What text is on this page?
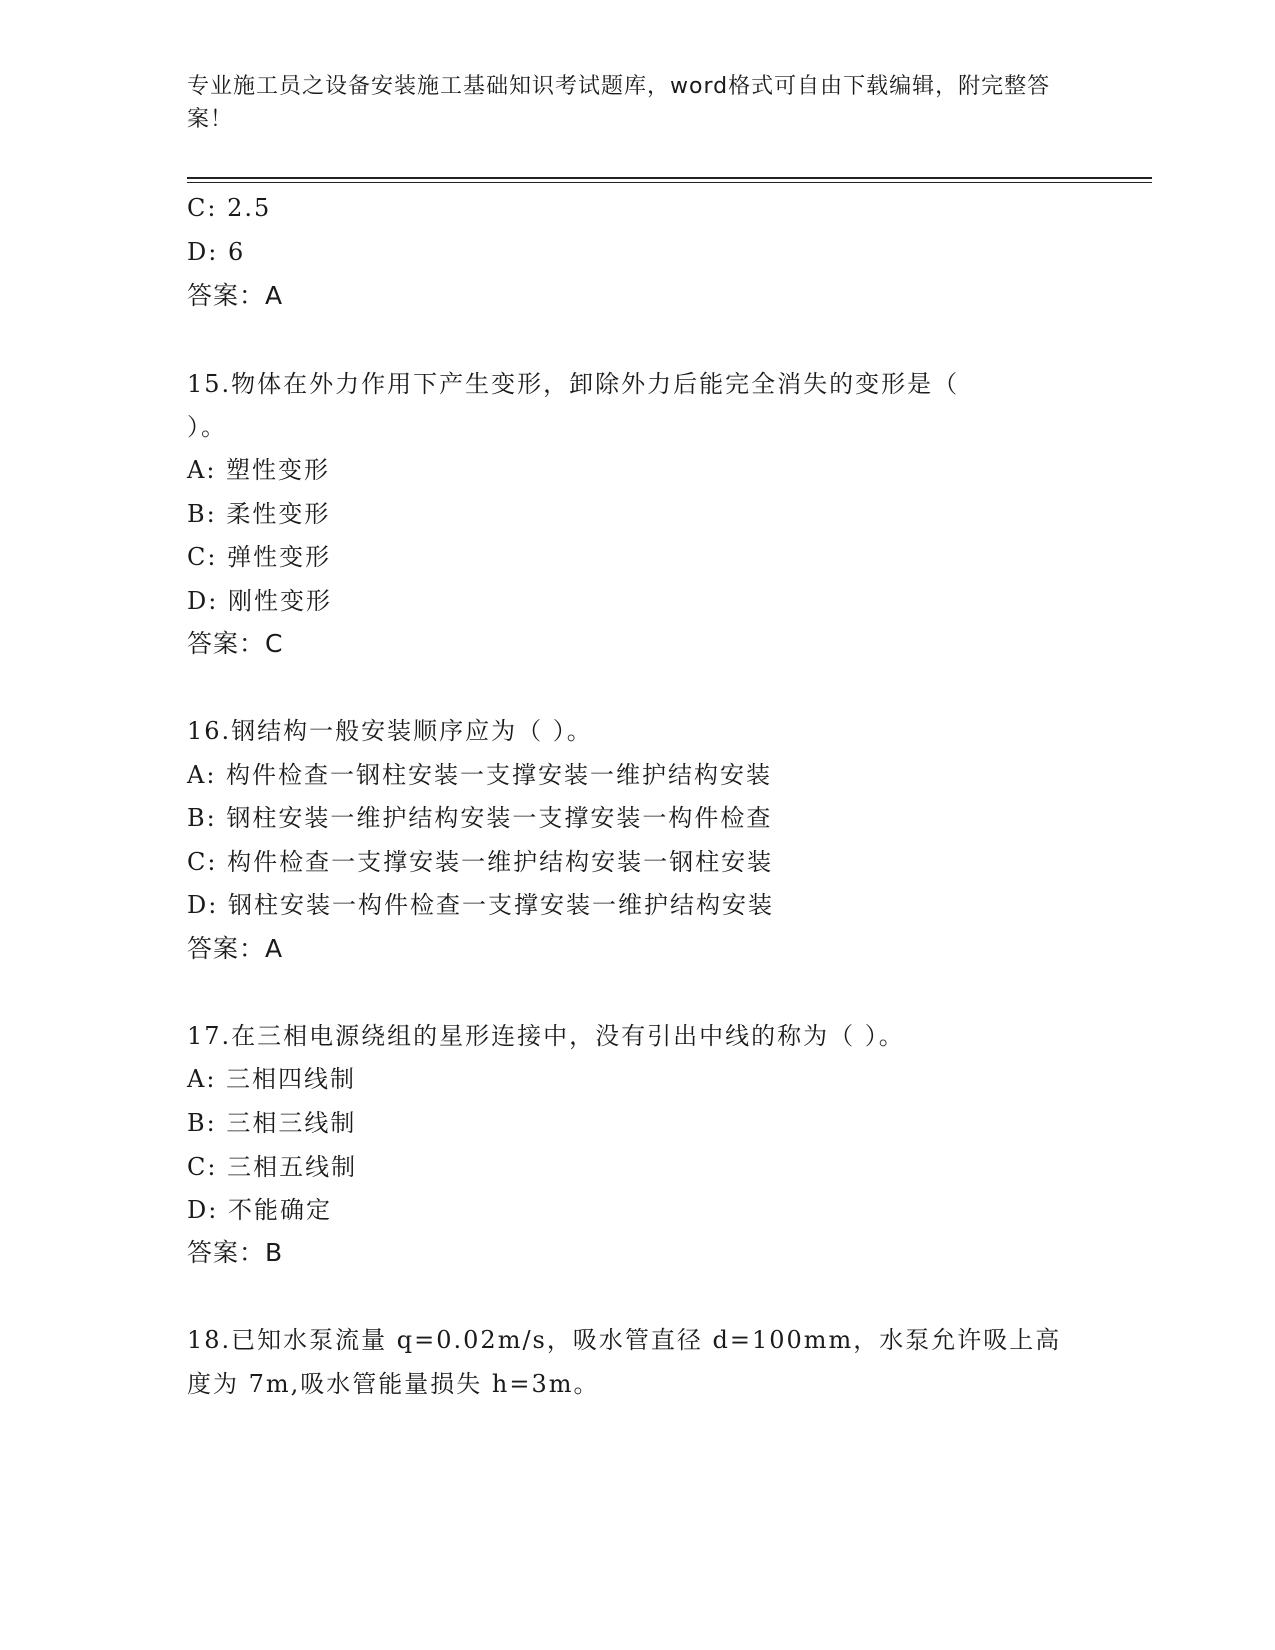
专业施工员之设备安装施工基础知识考试题库，word格式可自由下载编辑，附完整答案！
C: 2.5
D: 6
答案：A
15.物体在外力作用下产生变形，卸除外力后能完全消失的变形是（
）。
A: 塑性变形
B: 柔性变形
C: 弹性变形
D: 刚性变形
答案：C
16.钢结构一般安装顺序应为（ ）。
A: 构件检查一钢柱安装一支撑安装一维护结构安装
B: 钢柱安装一维护结构安装一支撑安装一构件检查
C: 构件检查一支撑安装一维护结构安装一钢柱安装
D: 钢柱安装一构件检查一支撑安装一维护结构安装
答案：A
17.在三相电源绕组的星形连接中，没有引出中线的称为（ ）。
A: 三相四线制
B: 三相三线制
C: 三相五线制
D: 不能确定
答案：B
18.已知水泵流量 q=0.02m/s，吸水管直径 d=100mm，水泵允许吸上高
度为 7m,吸水管能量损失 h=3m。
